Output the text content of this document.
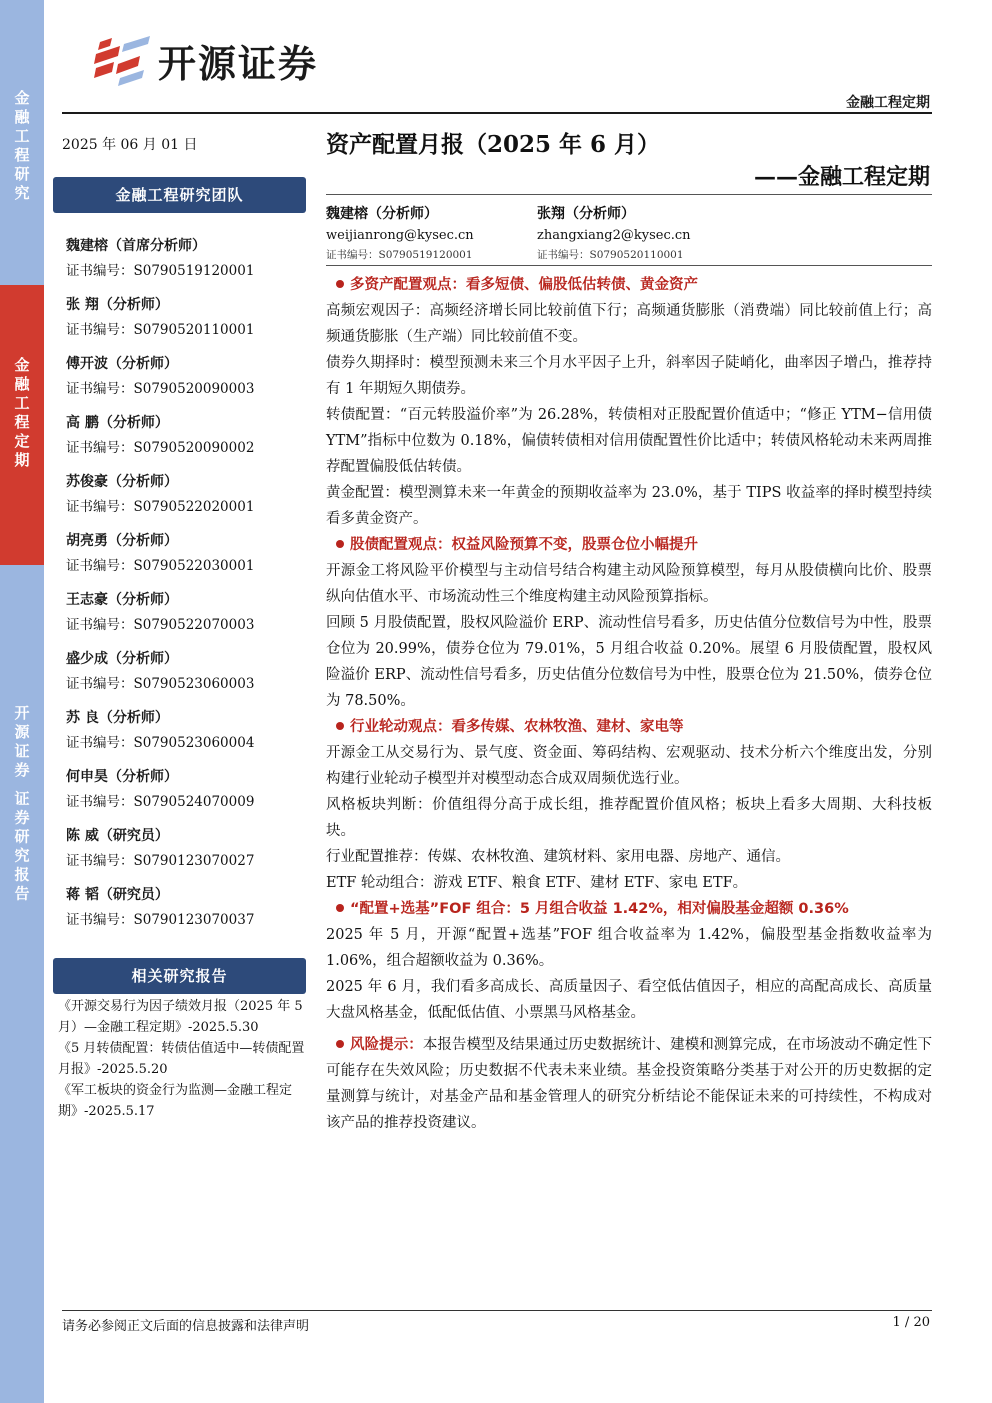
金融工程研究
金融工程定期
开源证券 证券研究报告
开源证券
金融工程定期
2025 年 06 月 01 日	资产配置月报（2025 年 6 月）
——金融工程定期
金融工程研究团队
魏建榕（首席分析师）
证书编号：S0790519120001
张 翔（分析师）
证书编号：S0790520110001
傅开波（分析师）
证书编号：S0790520090003
高 鹏（分析师）
证书编号：S0790520090002
苏俊豪（分析师）
证书编号：S0790522020001
胡亮勇（分析师）
证书编号：S0790522030001
王志豪（分析师）
证书编号：S0790522070003
盛少成（分析师）
证书编号：S0790523060003
苏 良（分析师）
证书编号：S0790523060004
何申昊（分析师）
证书编号：S0790524070009
陈 威（研究员）
证书编号：S0790123070027
蒋 韬（研究员）
证书编号：S0790123070037
相关研究报告
《开源交易行为因子绩效月报（2025 年 5 月）—金融工程定期》-2025.5.30
《5 月转债配置：转债估值适中—转债配置月报》-2025.5.20
《军工板块的资金行为监测—金融工程定期》-2025.5.17
魏建榕（分析师）
weijianrong@kysec.cn
证书编号：S0790519120001
张翔（分析师）
zhangxiang2@kysec.cn
证书编号：S0790520110001
多资产配置观点：看多短债、偏股低估转债、黄金资产

高频宏观因子：高频经济增长同比较前值下行；高频通货膨胀（消费端）同比较前值上行；高频通货膨胀（生产端）同比较前值不变。

债券久期择时：模型预测未来三个月水平因子上升，斜率因子陡峭化，曲率因子增凸，推荐持有 1 年期短久期债券。

转债配置：“百元转股溢价率”为 26.28%，转债相对正股配置价值适中；“修正 YTM−信用债 YTM”指标中位数为 0.18%，偏债转债相对信用债配置性价比适中；转债风格轮动未来两周推荐配置偏股低估转债。

黄金配置：模型测算未来一年黄金的预期收益率为 23.0%，基于 TIPS 收益率的择时模型持续看多黄金资产。

股债配置观点：权益风险预算不变，股票仓位小幅提升

开源金工将风险平价模型与主动信号结合构建主动风险预算模型，每月从股债横向比价、股票纵向估值水平、市场流动性三个维度构建主动风险预算指标。

回顾 5 月股债配置，股权风险溢价 ERP、流动性信号看多，历史估值分位数信号为中性，股票仓位为 20.99%，债券仓位为 79.01%，5 月组合收益 0.20%。展望 6 月股债配置，股权风险溢价 ERP、流动性信号看多，历史估值分位数信号为中性，股票仓位为 21.50%，债券仓位为 78.50%。

行业轮动观点：看多传媒、农林牧渔、建材、家电等

开源金工从交易行为、景气度、资金面、筹码结构、宏观驱动、技术分析六个维度出发，分别构建行业轮动子模型并对模型动态合成双周频优选行业。

风格板块判断：价值组得分高于成长组，推荐配置价值风格；板块上看多大周期、大科技板块。

行业配置推荐：传媒、农林牧渔、建筑材料、家用电器、房地产、通信。

ETF 轮动组合：游戏 ETF、粮食 ETF、建材 ETF、家电 ETF。

“配置+选基”FOF 组合：5 月组合收益 1.42%，相对偏股基金超额 0.36%

2025 年 5 月，开源“配置+选基”FOF 组合收益率为 1.42%，偏股型基金指数收益率为 1.06%，组合超额收益为 0.36%。

2025 年 6 月，我们看多高成长、高质量因子、看空低估值因子，相应的高配高成长、高质量大盘风格基金，低配低估值、小票黑马风格基金。

风险提示：本报告模型及结果通过历史数据统计、建模和测算完成，在市场波动不确定性下可能存在失效风险；历史数据不代表未来业绩。基金投资策略分类基于对公开的历史数据的定量测算与统计，对基金产品和基金管理人的研究分析结论不能保证未来的可持续性，不构成对该产品的推荐投资建议。

请务必参阅正文后面的信息披露和法律声明	1 / 20
